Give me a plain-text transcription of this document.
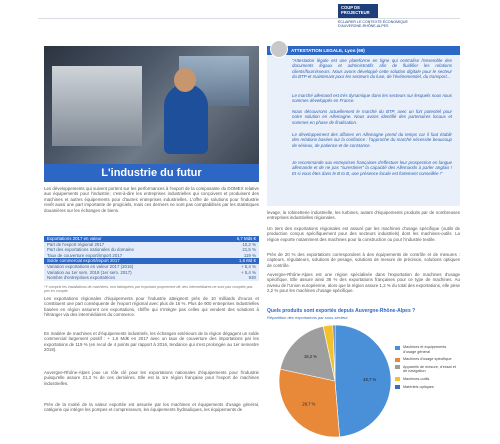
COUP DE PROJECTEUR
ÉCLAIRER LE CONTEXTE ÉCONOMIQUE D'AUVERGNE-RHÔNE-ALPES
L'industrie du futur
Les développements qui suivent portent sur les performances à l'export de la composante du DOMEX relative aux équipements pour l'industrie; c'est-à-dire les entreprises industrielles qui conçoivent et produisent des machines et autres équipements pour d'autres entreprises industrielles. L'offre de solutions pour l'industrie revêt aussi une part importante de progiciels, mais ces derniers ne sont pas comptabilisés par les statistiques douanières sur les échanges de biens.
Exportations 2017 en valeur	6,7 Mds €
Part de l'export régional 2017	10,2 %
Part des exportations nationales du domaine	21,5 %
Taux de couverture export/import 2017	119 %
Solde commercial export/import 2017	1,6 Md €
Variation exportations en valeur 2017 (2016)	+ 5,4 %
Variation au 1er sem. 2018 (1er sem. 2017)	+ 5,4 %
Nombre d'entreprises exportatrices	930
*Y compris les installations de machines, non fabriquées par exportant proprement dit; des intermédiaires ne sont pas comptés pas prix en compte.
Les exportations régionales d'équipements pour l'industrie atteignent près de 10 milliards d'euros et constituent une part conséquente de l'export régional avec plus de 16 %. Plus de 900 entreprises industrielles basées en région assurent ces exportations, chiffre qui n'intègre pas celles qui vendent des solutions à l'étranger via des intermédiaires du commerce.
En matière de machines et d'équipements industriels, les échanges extérieurs de la région dégagent un solde commercial largement positif : + 1,6 Md€ en 2017 avec un taux de couverture des importations par les exportations de 119 % (en recul de 4 points par rapport à 2016, tendance qui s'est prolongée au 1er semestre 2018).
Auvergne-Rhône-Alpes joue un rôle clé pour les exportations nationales d'équipements pour l'industrie puisqu'elle assure 21,3 % de ces dernières. Elle est la 1re région française pour l'export de machines industrielles.
Près de la moitié de la valeur exportée est assurée par les machines et équipements d'usage général, catégorie qui intègre les pompes et compresseurs, les équipements hydrauliques, les équipements de
ATTESTATION LEGALE, Lyon (69)
"Attestation légale est une plateforme en ligne qui centralise l'ensemble des documents légaux et administratifs afin de fluidifier les relations clients/fournisseurs. Nous avons développé cette solution digitale pour le secteur du BTP et maintenant pour les secteurs du luxe, de l'événementiel, du transport…
Le marché allemand est très dynamique dans les secteurs sur lesquels nous nous sommes développés en France.
Nous découvrons actuellement le marché du BTP, avec un fort potentiel pour notre solution en Allemagne. Nous avons identifié des partenaires locaux et sommes en phase de finalisation.
Le développement des affaires en Allemagne prend du temps car il faut établir des relations basées sur la confiance : l'approche du marché nécessite beaucoup de sérieux, de patience et de constance.
Je recommande aux entreprises françaises d'effectuer leur prospection en langue allemande et de ne pas "surestimer" la capacité des Allemands à parler anglais ! Et si vous êtes dans le B to B, une présence locale est fortement conseillée !"
levage, la robinetterie industrielle, les turbines, autant d'équipements produits par de nombreuses entreprises industrielles régionales.
Un tiers des exportations régionales est assuré par les machines d'usage spécifique (outils de production conçus spécifiquement pour des secteurs industriels) dont les machines-outils. La région exporte notamment des machines pour la construction ou pour l'industrie textile.
Près de 20 % des exportations correspondent à des équipements de contrôle et de mesures : capteurs, régulateurs, solutions de pesage, solutions de mesure de précision, solutions optiques de contrôle.
Auvergne-Rhône-Alpes est une région spécialisée dans l'exportation de machines d'usage spécifique. Elle assure ainsi 36 % des exportations françaises pour ce type de machines. Au niveau de l'Union européenne, alors que la région assure 1,2 % du total des exportations, elle pèse 2,2 % pour les machines d'usage spécifique.
Quels produits sont exportés depuis Auvergne-Rhône-Alpes ?
Répartition des exportations par sous-secteur
48,7 %
29,7 %
18,2 %
Machines et équipements d'usage général
Machines d'usage spécifique
Appareils de mesure, d'essai et de navigation
Machines-outils
Matériels optiques
